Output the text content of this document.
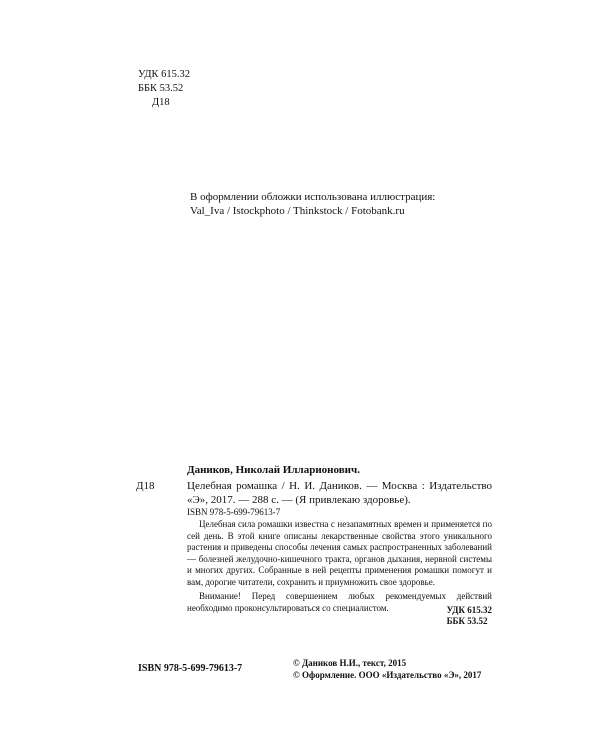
УДК 615.32
ББК 53.52
Д18
В оформлении обложки использована иллюстрация:
Val_Iva / Istockphoto / Thinkstock / Fotobank.ru
Даников, Николай Илларионович.
Д18	Целебная ромашка / Н. И. Даников. — Москва : Издательство «Э», 2017. — 288 с. — (Я привлекаю здоровье).
ISBN 978-5-699-79613-7

Целебная сила ромашки известна с незапамятных времен и применяется по сей день. В этой книге описаны лекарственные свойства этого уникального растения и приведены способы лечения самых распространенных заболеваний — болезней желудочно-кишечного тракта, органов дыхания, нервной системы и многих других. Собранные в ней рецепты применения ромашки помогут и вам, дорогие читатели, сохранить и приумножить свое здоровье.

Внимание! Перед совершением любых рекомендуемых действий необходимо проконсультироваться со специалистом.	УДК 615.32
ББК 53.52
ISBN 978-5-699-79613-7	© Даников Н.И., текст, 2015
© Оформление. ООО «Издательство «Э», 2017
